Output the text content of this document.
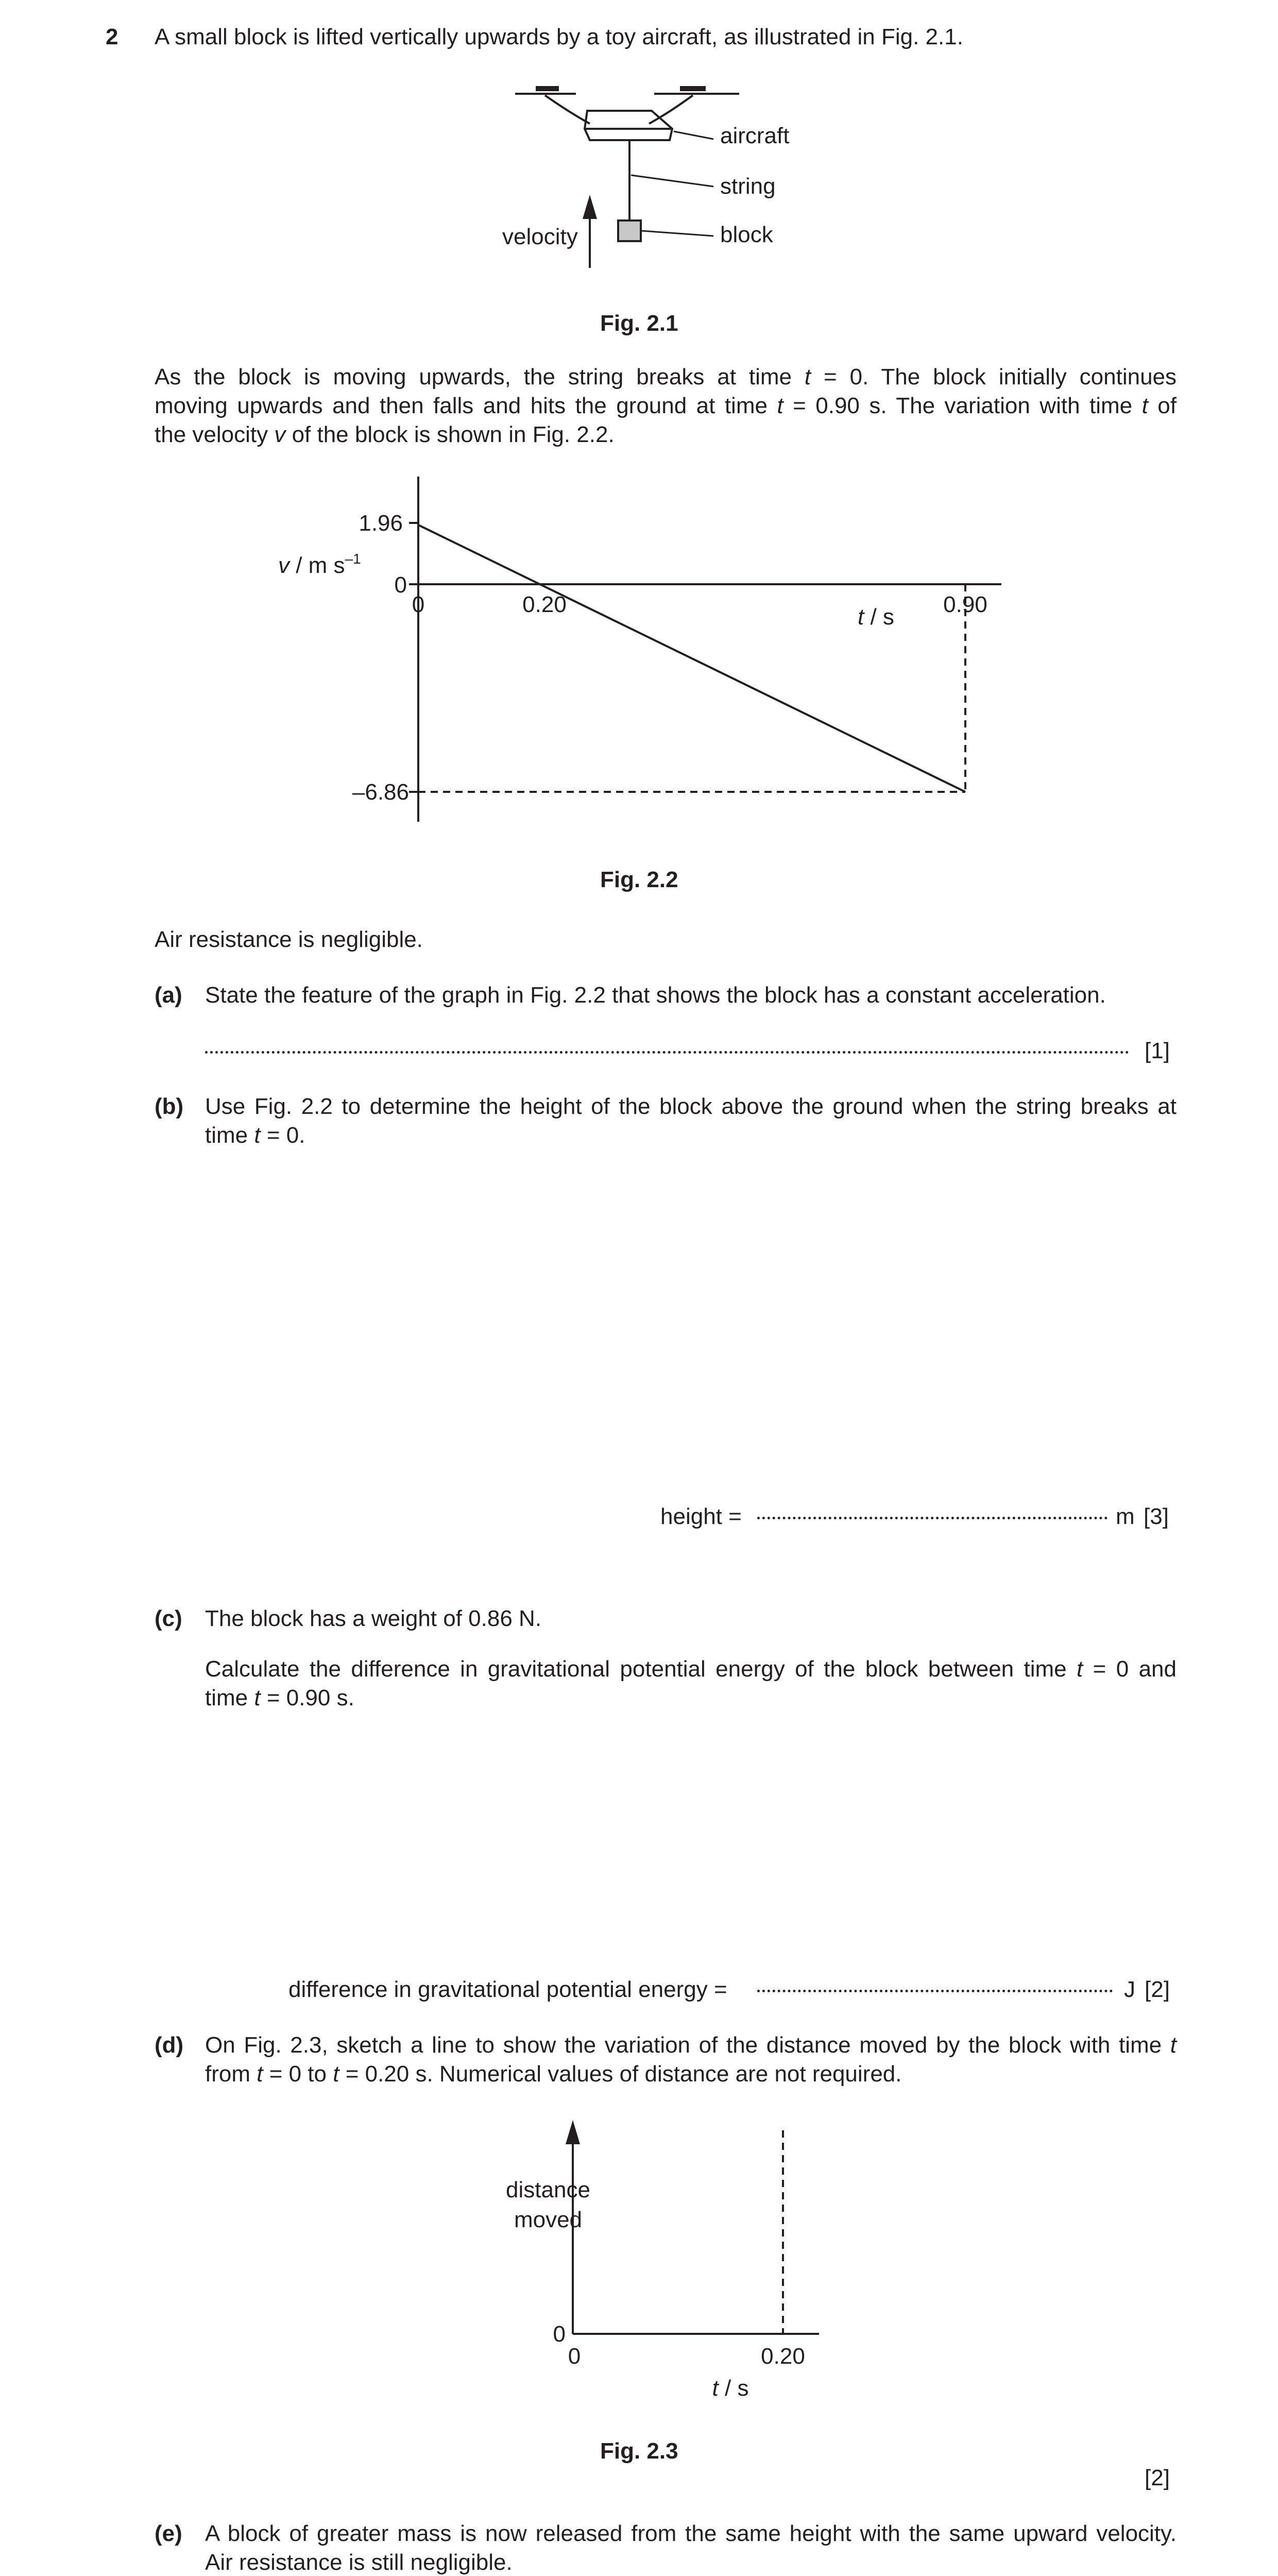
2 A small block is lifted vertically upwards by a toy aircraft, as illustrated in Fig. 2.1.
aircraft
string
block
velocity
Fig. 2.1
As the block is moving upwards, the string breaks at time t = 0. The block initially continues
moving upwards and then falls and hits the ground at time t = 0.90 s. The variation with time t of
the velocity v of the block is shown in Fig. 2.2.
1.96
0
0	0.20	0.90
–6.86
v / m $s^{-1}$
t / s
Fig. 2.2
Air resistance is negligible.
(a) State the feature of the graph in Fig. 2.2 that shows the block has a constant acceleration.
[1]
(b) Use Fig. 2.2 to determine the height of the block above the ground when the string breaks at
time t = 0.
height =	m [3]
(c) The block has a weight of 0.86 N.
Calculate the difference in gravitational potential energy of the block between time t = 0 and
time t = 0.90 s.
difference in gravitational potential energy =	J [2]
(d) On Fig. 2.3, sketch a line to show the variation of the distance moved by the block with time t
from t = 0 to t = 0.20 s. Numerical values of distance are not required.
distance
moved
0
0	0.20
t / s
Fig. 2.3
[2]
(e) A block of greater mass is now released from the same height with the same upward velocity.
Air resistance is still negligible.
